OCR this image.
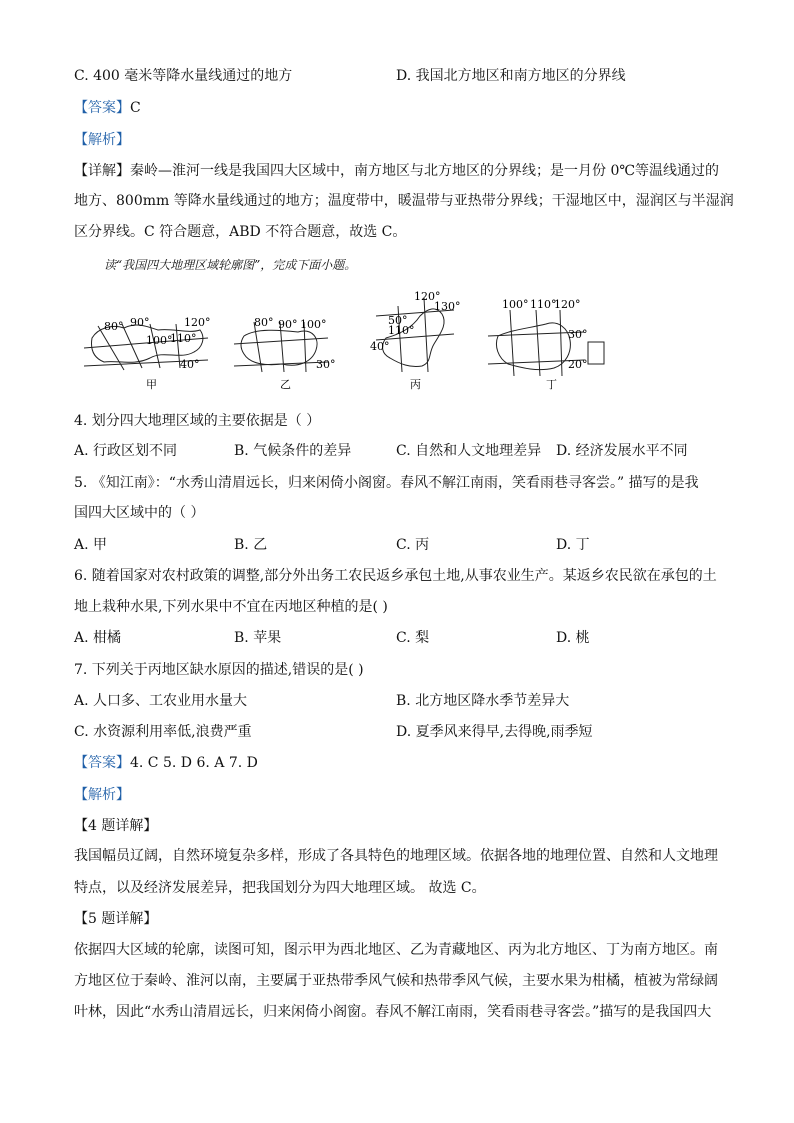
C. 400 毫米等降水量线通过的地方	D. 我国北方地区和南方地区的分界线
【答案】C
【解析】
【详解】秦岭—淮河一线是我国四大区域中，南方地区与北方地区的分界线；是一月份 0℃等温线通过的
地方、800mm 等降水量线通过的地方；温度带中，暖温带与亚热带分界线；干湿地区中，湿润区与半湿润
区分界线。C 符合题意，ABD 不符合题意，故选 C。
读“我国四大地理区域轮廓图”，完成下面小题。
80° 90°	120°
100°
110°
40°
甲
80° 90° 100°
30°
乙
120°
130°
50°
110°
40°
丙
100° 110°
120°
30°
20°
丁
4. 划分四大地理区域的主要依据是（ ）
A. 行政区划不同	B. 气候条件的差异	C. 自然和人文地理差异 D. 经济发展水平不同
5. 《知江南》：“水秀山清眉远长，归来闲倚小阁窗。春风不解江南雨，笑看雨巷寻客尝。” 描写的是我
国四大区域中的（ ）
A. 甲	B. 乙	C. 丙	D. 丁
6. 随着国家对农村政策的调整,部分外出务工农民返乡承包土地,从事农业生产。某返乡农民欲在承包的土
地上栽种水果,下列水果中不宜在丙地区种植的是( )
A. 柑橘	B. 苹果	C. 梨	D. 桃
7. 下列关于丙地区缺水原因的描述,错误的是( )
A. 人口多、工农业用水量大	B. 北方地区降水季节差异大
C. 水资源利用率低,浪费严重	D. 夏季风来得早,去得晚,雨季短
【答案】4. C 5. D 6. A 7. D
【解析】
【4 题详解】
我国幅员辽阔，自然环境复杂多样，形成了各具特色的地理区域。依据各地的地理位置、自然和人文地理
特点，以及经济发展差异，把我国划分为四大地理区域。 故选 C。
【5 题详解】
依据四大区域的轮廓，读图可知，图示甲为西北地区、乙为青藏地区、丙为北方地区、丁为南方地区。南
方地区位于秦岭、淮河以南，主要属于亚热带季风气候和热带季风气候，主要水果为柑橘，植被为常绿阔
叶林，因此“水秀山清眉远长，归来闲倚小阁窗。春风不解江南雨，笑看雨巷寻客尝。”描写的是我国四大
